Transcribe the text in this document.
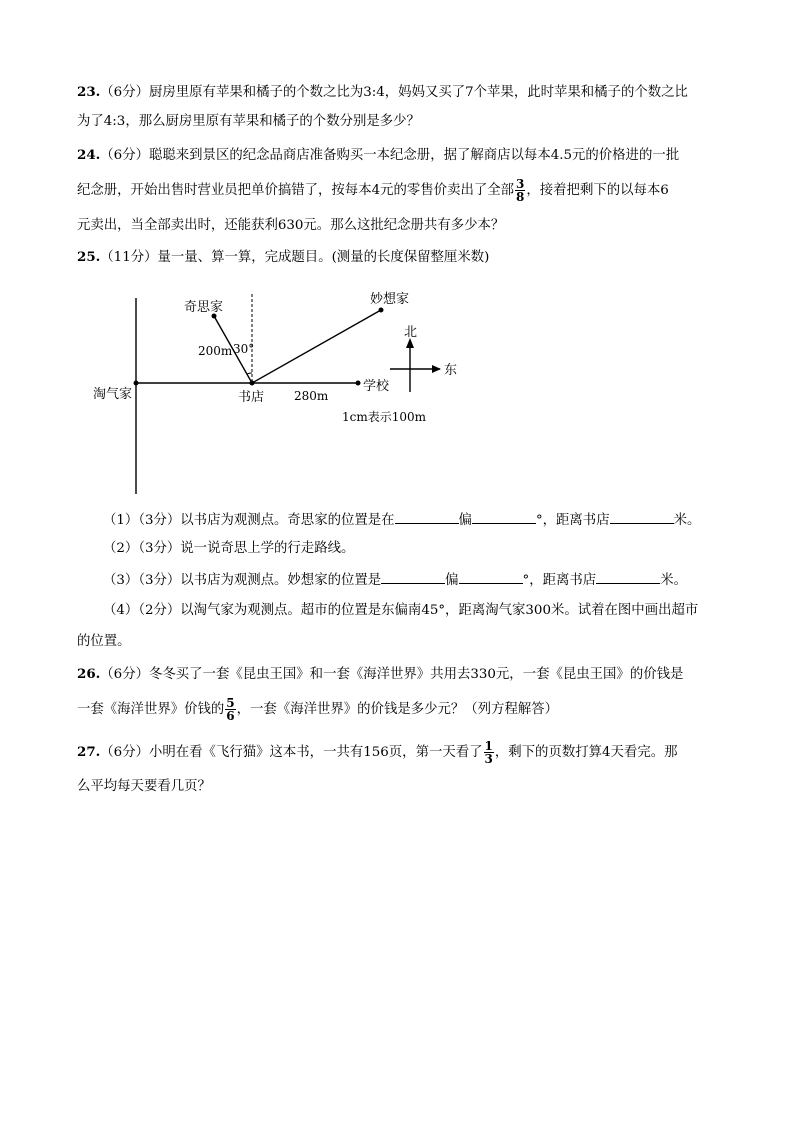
23.（6分）厨房里原有苹果和橘子的个数之比为3:4，妈妈又买了7个苹果，此时苹果和橘子的个数之比
为了4:3，那么厨房里原有苹果和橘子的个数分别是多少？
24.（6分）聪聪来到景区的纪念品商店准备购买一本纪念册，据了解商店以每本4.5元的价格进的一批
纪念册，开始出售时营业员把单价搞错了，按每本4元的零售价卖出了全部 $\frac{3}{8}$ ，接着把剩下的以每本6
元卖出，当全部卖出时，还能获利630元。那么这批纪念册共有多少本？
25.（11分）量一量、算一算，完成题目。(测量的长度保留整厘米数)
奇思家
妙想家
淘气家	书店
学校
200m
280m
30°
北
东
1cm表示100m
（1）（3分）以书店为观测点。奇思家的位置是在	偏	°，距离书店	米。
（2）（3分）说一说奇思上学的行走路线。
（3）（3分）以书店为观测点。妙想家的位置是	偏	°，距离书店	米。
（4）（2分）以淘气家为观测点。超市的位置是东偏南45°，距离淘气家300米。试着在图中画出超市
的位置。
26.（6分）冬冬买了一套《昆虫王国》和一套《海洋世界》共用去330元，一套《昆虫王国》的价钱是
一套《海洋世界》价钱的 $\frac{5}{6}$ ，一套《海洋世界》的价钱是多少元？（列方程解答）
27.（6分）小明在看《飞行猫》这本书，一共有156页，第一天看了 $\frac{1}{3}$ ，剩下的页数打算4天看完。那
么平均每天要看几页？
